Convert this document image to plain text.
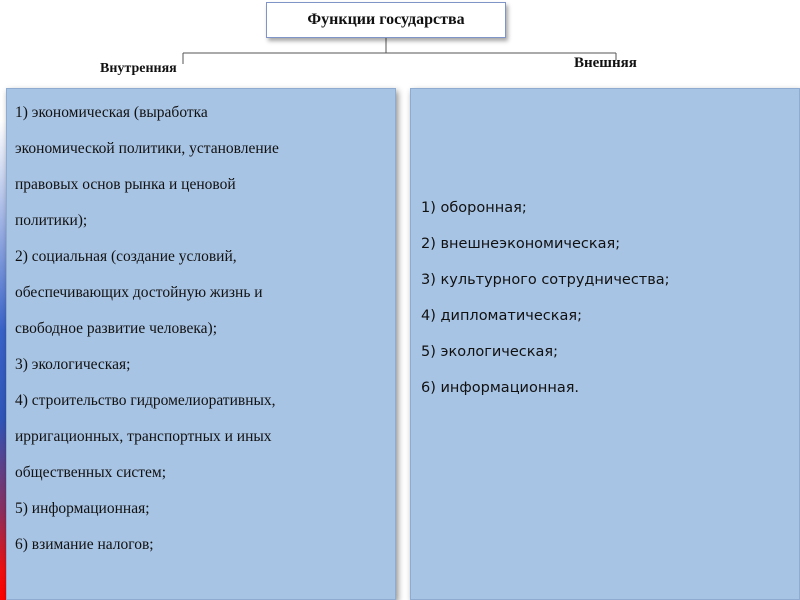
Функции государства
Внутренняя	Внешняя
1) экономическая (выработка
экономической политики, установление
правовых основ рынка и ценовой
политики);
2) социальная (создание условий,
обеспечивающих достойную жизнь и
свободное развитие человека);
3) экологическая;
4) строительство гидромелиоративных,
ирригационных, транспортных и иных
общественных систем;
5) информационная;
6) взимание налогов;
1) оборонная;
2) внешнеэкономическая;
3) культурного сотрудничества;
4) дипломатическая;
5) экологическая;
6) информационная.
